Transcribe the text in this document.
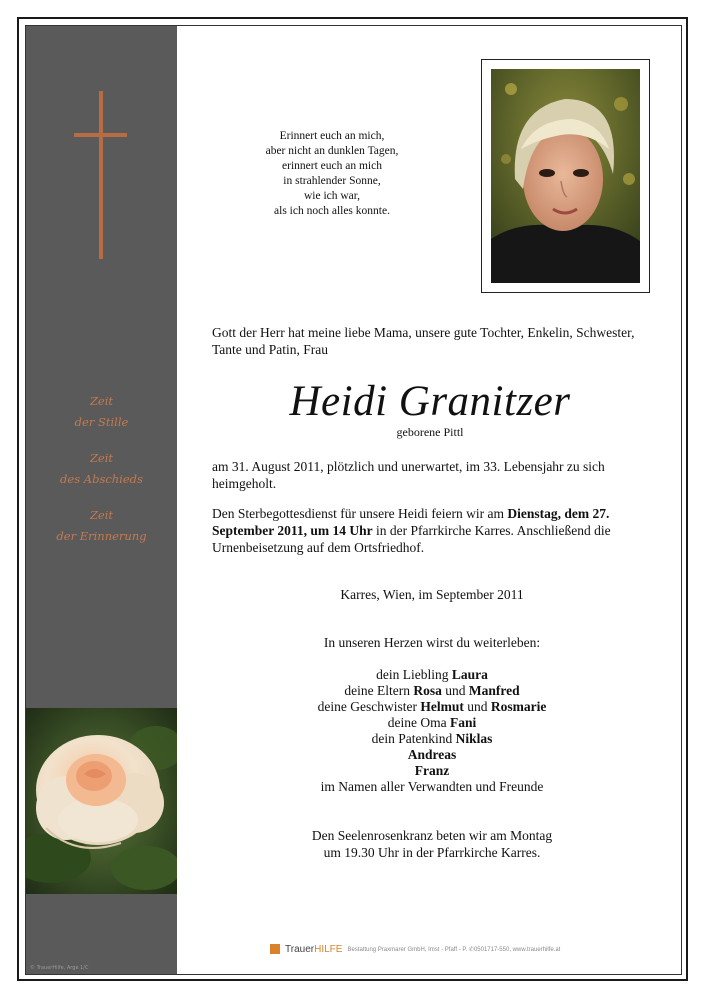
Zeit
der Stille
Zeit
des Abschieds
Zeit
der Erinnerung
© TrauerHilfe, Arge 1/C
Erinnert euch an mich,
aber nicht an dunklen Tagen,
erinnert euch an mich
in strahlender Sonne,
wie ich war,
als ich noch alles konnte.
Gott der Herr hat meine liebe Mama, unsere gute Tochter, Enkelin, Schwester, Tante und Patin, Frau
Heidi Granitzer
geborene Pittl
am 31. August 2011, plötzlich und unerwartet, im 33. Lebensjahr zu sich heimgeholt.
Den Sterbegottesdienst für unsere Heidi feiern wir am Dienstag, dem 27. September 2011, um 14 Uhr in der Pfarrkirche Karres. Anschließend die Urnenbeisetzung auf dem Ortsfriedhof.
Karres, Wien, im September 2011
In unseren Herzen wirst du weiterleben:
dein Liebling Laura
deine Eltern Rosa und Manfred
deine Geschwister Helmut und Rosmarie
deine Oma Fani
dein Patenkind Niklas
Andreas
Franz
im Namen aller Verwandten und Freunde
Den Seelenrosenkranz beten wir am Montag
um 19.30 Uhr in der Pfarrkirche Karres.
TrauerHILFE Bestattung Praxmarer GmbH, Imst - Pfaff - P. ✆0501717-550, www.trauerhilfe.at
